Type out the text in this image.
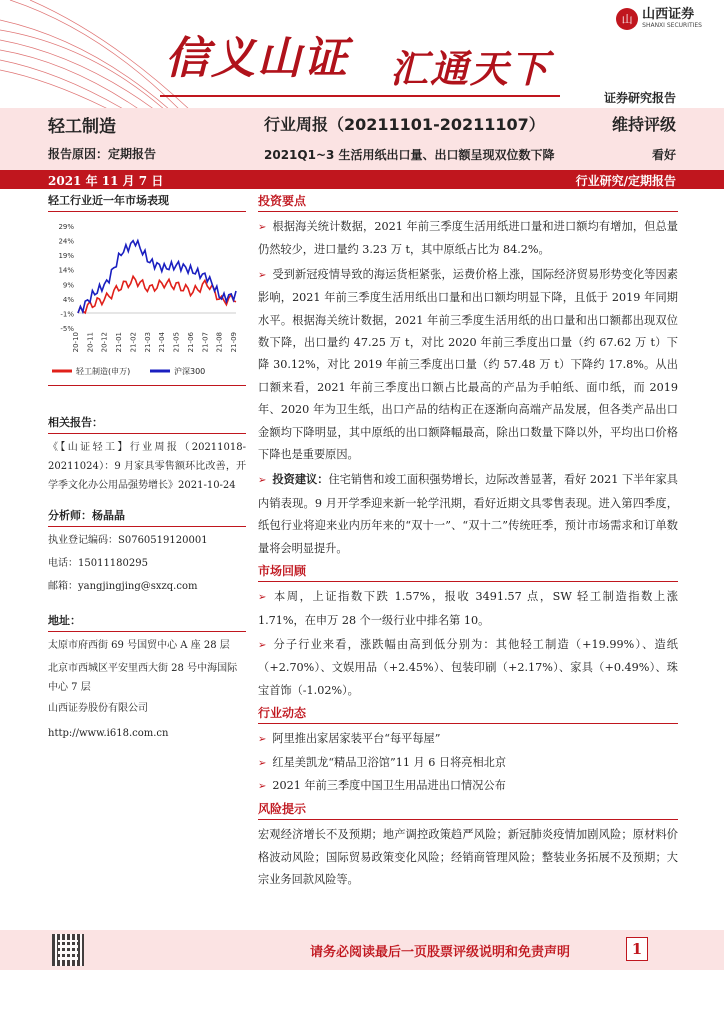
信义山证 汇通天下
山 山西证券
SHANXI SECURITIES
证券研究报告
轻工制造
报告原因：定期报告
行业周报（20211101-20211107）	维持评级
2021Q1~3 生活用纸出口量、出口额呈现双位数下降	看好
2021 年 11 月 7 日	行业研究/定期报告
轻工行业近一年市场表现
29%
24%
19%
14%
9%
4%
-1%
-5%
20-10 20-11 20-12 21-01 21-02 21-03 21-04 21-05 21-06 21-07 21-08 21-09
轻工制造(申万)	沪深300
相关报告：
《【山证轻工】行业周报（20211018-20211024）：9 月家具零售额环比改善，开学季文化办公用品强势增长》2021-10-24
分析师：杨晶晶
执业登记编码：S0760519120001
电话：15011180295
邮箱：yangjingjing@sxzq.com
地址：
太原市府西街 69 号国贸中心 A 座 28 层
北京市西城区平安里西大街 28 号中海国际中心 7 层
山西证券股份有限公司
http://www.i618.com.cn
投资要点
➢ 根据海关统计数据，2021 年前三季度生活用纸进口量和进口额均有增加，但总量仍然较少，进口量约 3.23 万 t，其中原纸占比为 84.2%。
➢ 受到新冠疫情导致的海运货柜紧张，运费价格上涨，国际经济贸易形势变化等因素影响，2021 年前三季度生活用纸出口量和出口额均明显下降，且低于 2019 年同期水平。根据海关统计数据，2021 年前三季度生活用纸的出口量和出口额都出现双位数下降，出口量约 47.25 万 t，对比 2020 年前三季度出口量（约 67.62 万 t）下降 30.12%，对比 2019 年前三季度出口量（约 57.48 万 t）下降约 17.8%。从出口额来看，2021 年前三季度出口额占比最高的产品为手帕纸、面巾纸，而 2019 年、2020 年为卫生纸，出口产品的结构正在逐渐向高端产品发展，但各类产品出口金额均下降明显，其中原纸的出口额降幅最高，除出口数量下降以外，平均出口价格下降也是重要原因。
➢ 投资建议：住宅销售和竣工面积强势增长，边际改善显著，看好 2021 下半年家具内销表现。9 月开学季迎来新一轮学汛期，看好近期文具零售表现。进入第四季度，纸包行业将迎来业内历年来的“双十一”、“双十二”传统旺季，预计市场需求和订单数量将会明显提升。
市场回顾
➢ 本周，上证指数下跌 1.57%，报收 3491.57 点，SW 轻工制造指数上涨 1.71%，在申万 28 个一级行业中排名第 10。
➢ 分子行业来看，涨跌幅由高到低分别为：其他轻工制造（+19.99%）、造纸（+2.70%）、文娱用品（+2.45%）、包装印刷（+2.17%）、家具（+0.49%）、珠宝首饰（-1.02%）。
行业动态
➢ 阿里推出家居家装平台“每平每屋”
➢ 红星美凯龙“精品卫浴馆”11 月 6 日将亮相北京
➢ 2021 年前三季度中国卫生用品进出口情况公布
风险提示
宏观经济增长不及预期；地产调控政策趋严风险；新冠肺炎疫情加剧风险；原材料价格波动风险；国际贸易政策变化风险；经销商管理风险；整装业务拓展不及预期；大宗业务回款风险等。
请务必阅读最后一页股票评级说明和免责声明	1
